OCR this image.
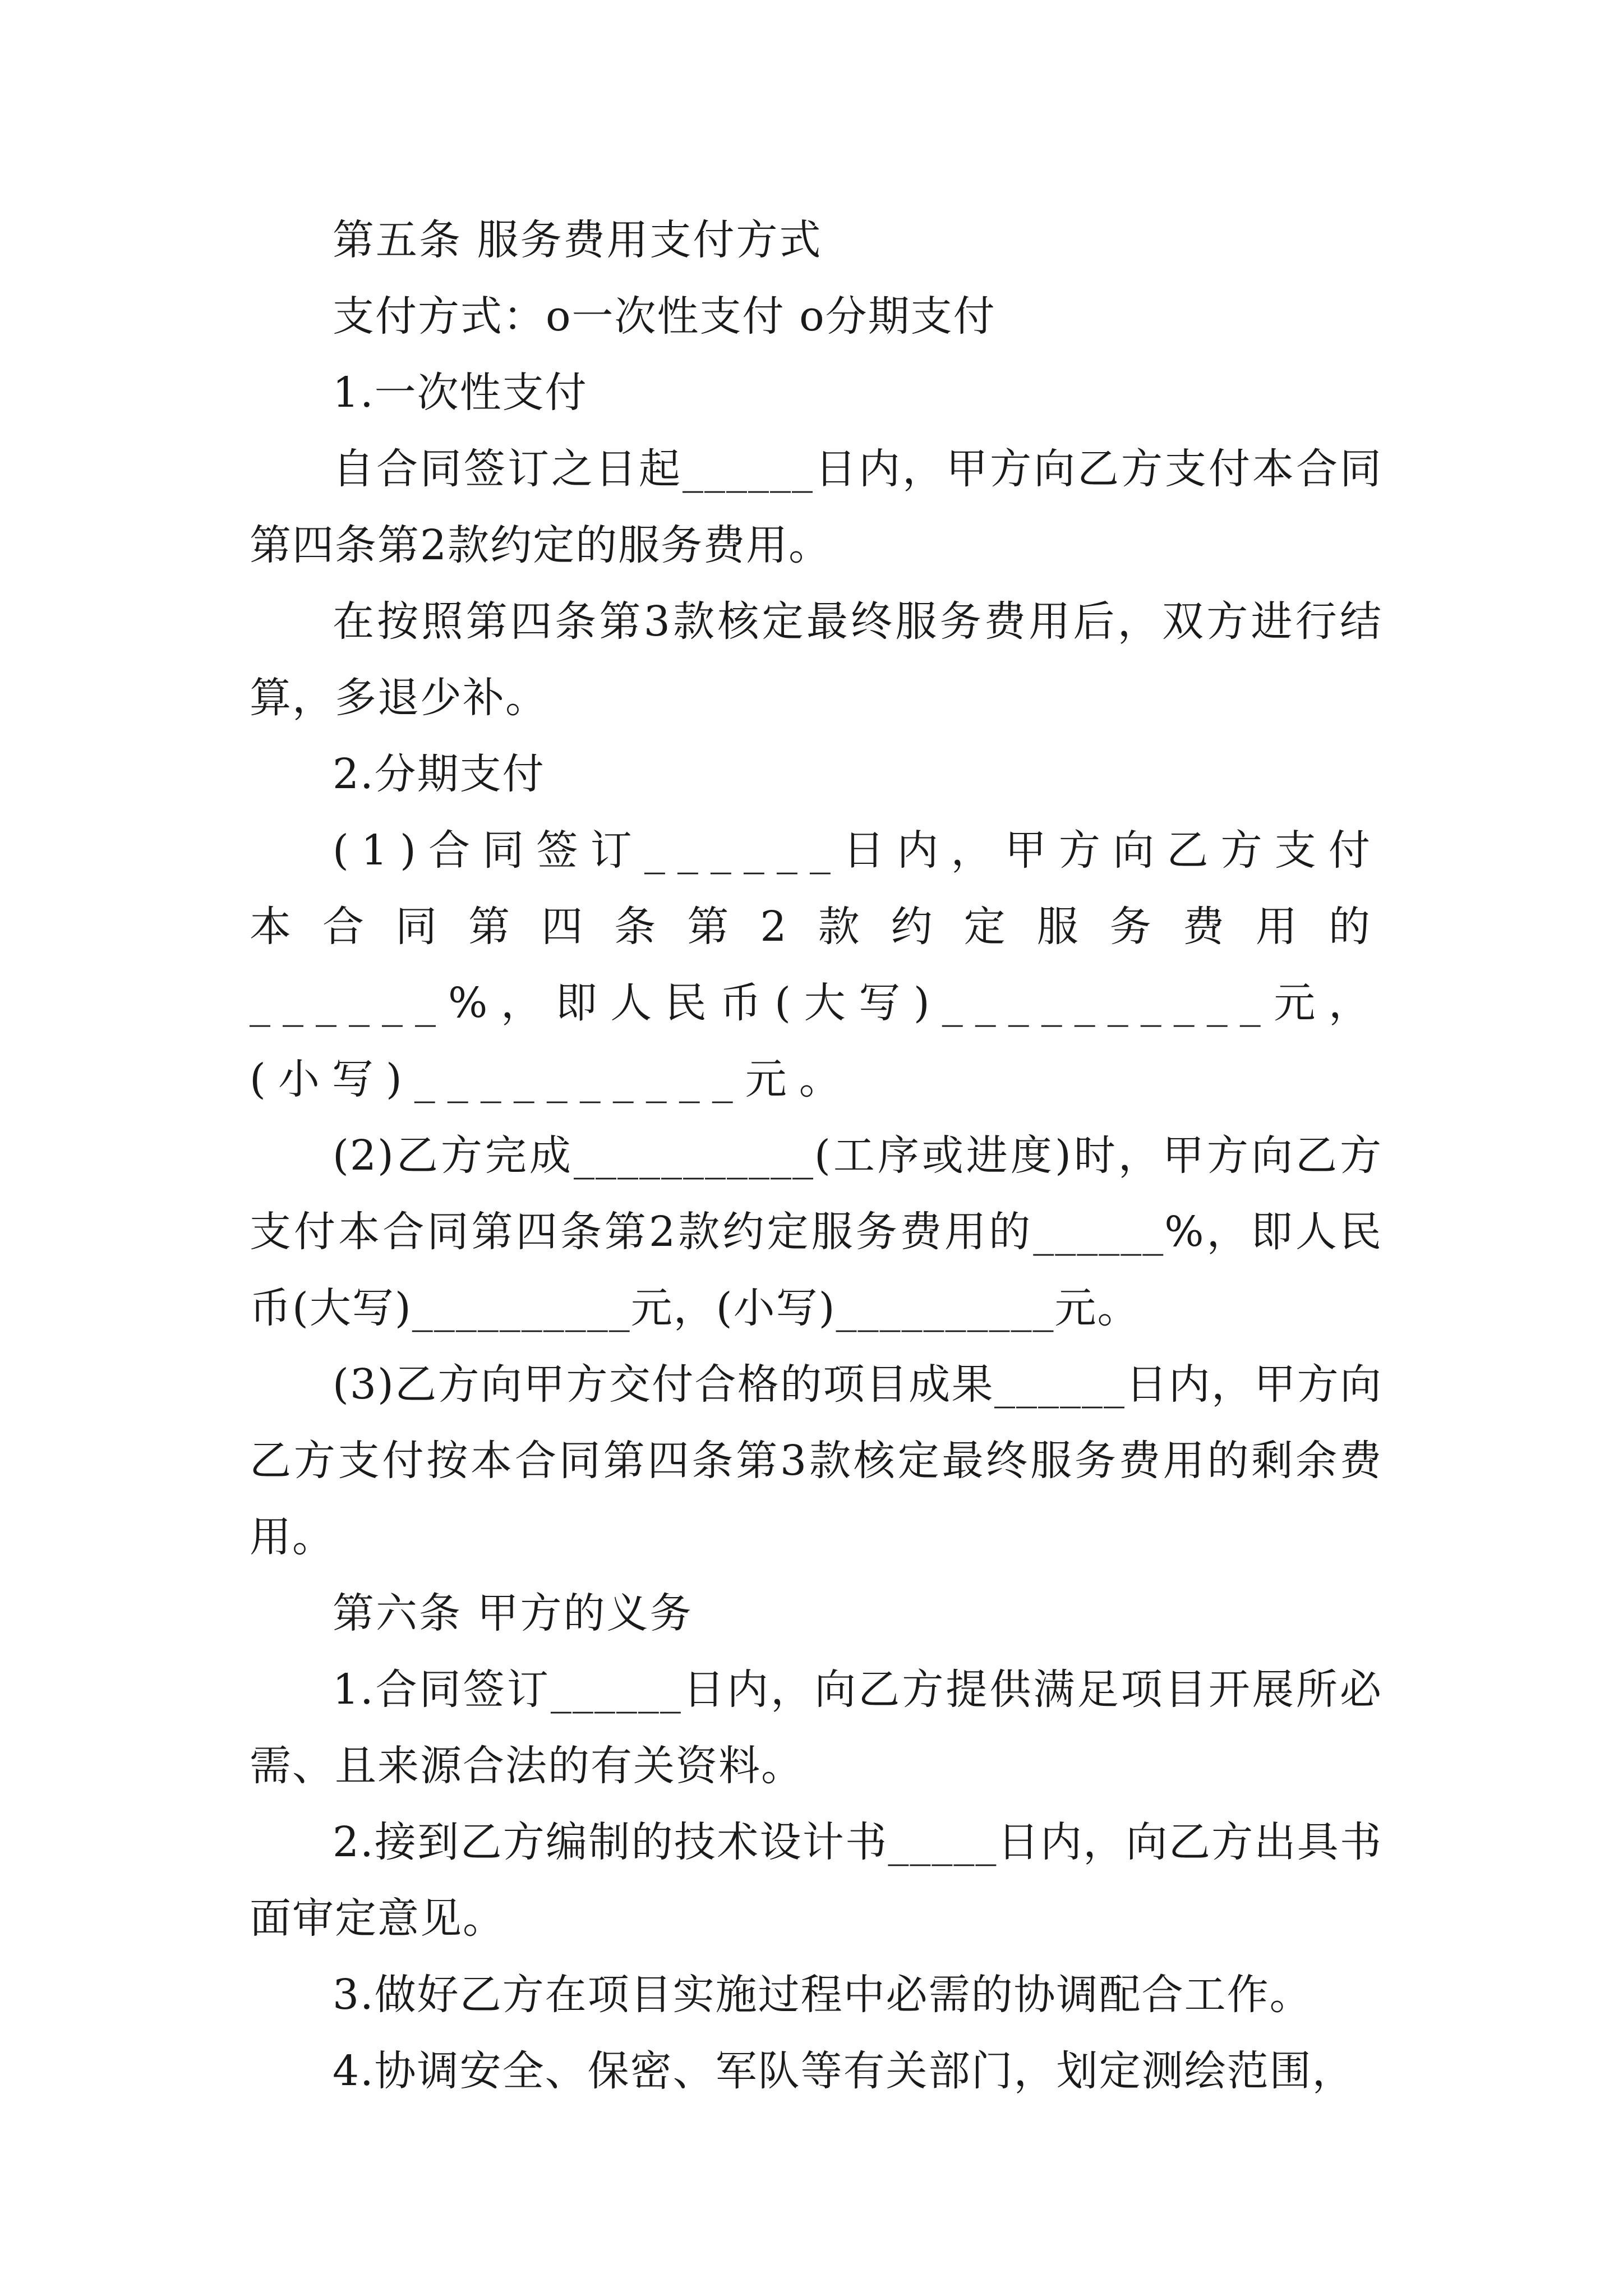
第五条 服务费用支付方式

支付方式：o一次性支付 o分期支付

1.一次性支付

自合同签订之日起______日内，甲方向乙方支付本合同第四条第2款约定的服务费用。

在按照第四条第3款核定最终服务费用后，双方进行结算，多退少补。

2.分期支付

(1)合同签订______日内，甲方向乙方支付本合同第四条第2款约定服务费用的______%，即人民币(大写)__________元，(小写)__________元。

(2)乙方完成___________(工序或进度)时，甲方向乙方支付本合同第四条第2款约定服务费用的______%，即人民币(大写)__________元，(小写)__________元。

(3)乙方向甲方交付合格的项目成果______日内，甲方向乙方支付按本合同第四条第3款核定最终服务费用的剩余费用。

第六条 甲方的义务

1.合同签订______日内，向乙方提供满足项目开展所必需、且来源合法的有关资料。

2.接到乙方编制的技术设计书_____日内，向乙方出具书面审定意见。

3.做好乙方在项目实施过程中必需的协调配合工作。

4.协调安全、保密、军队等有关部门，划定测绘范围，
